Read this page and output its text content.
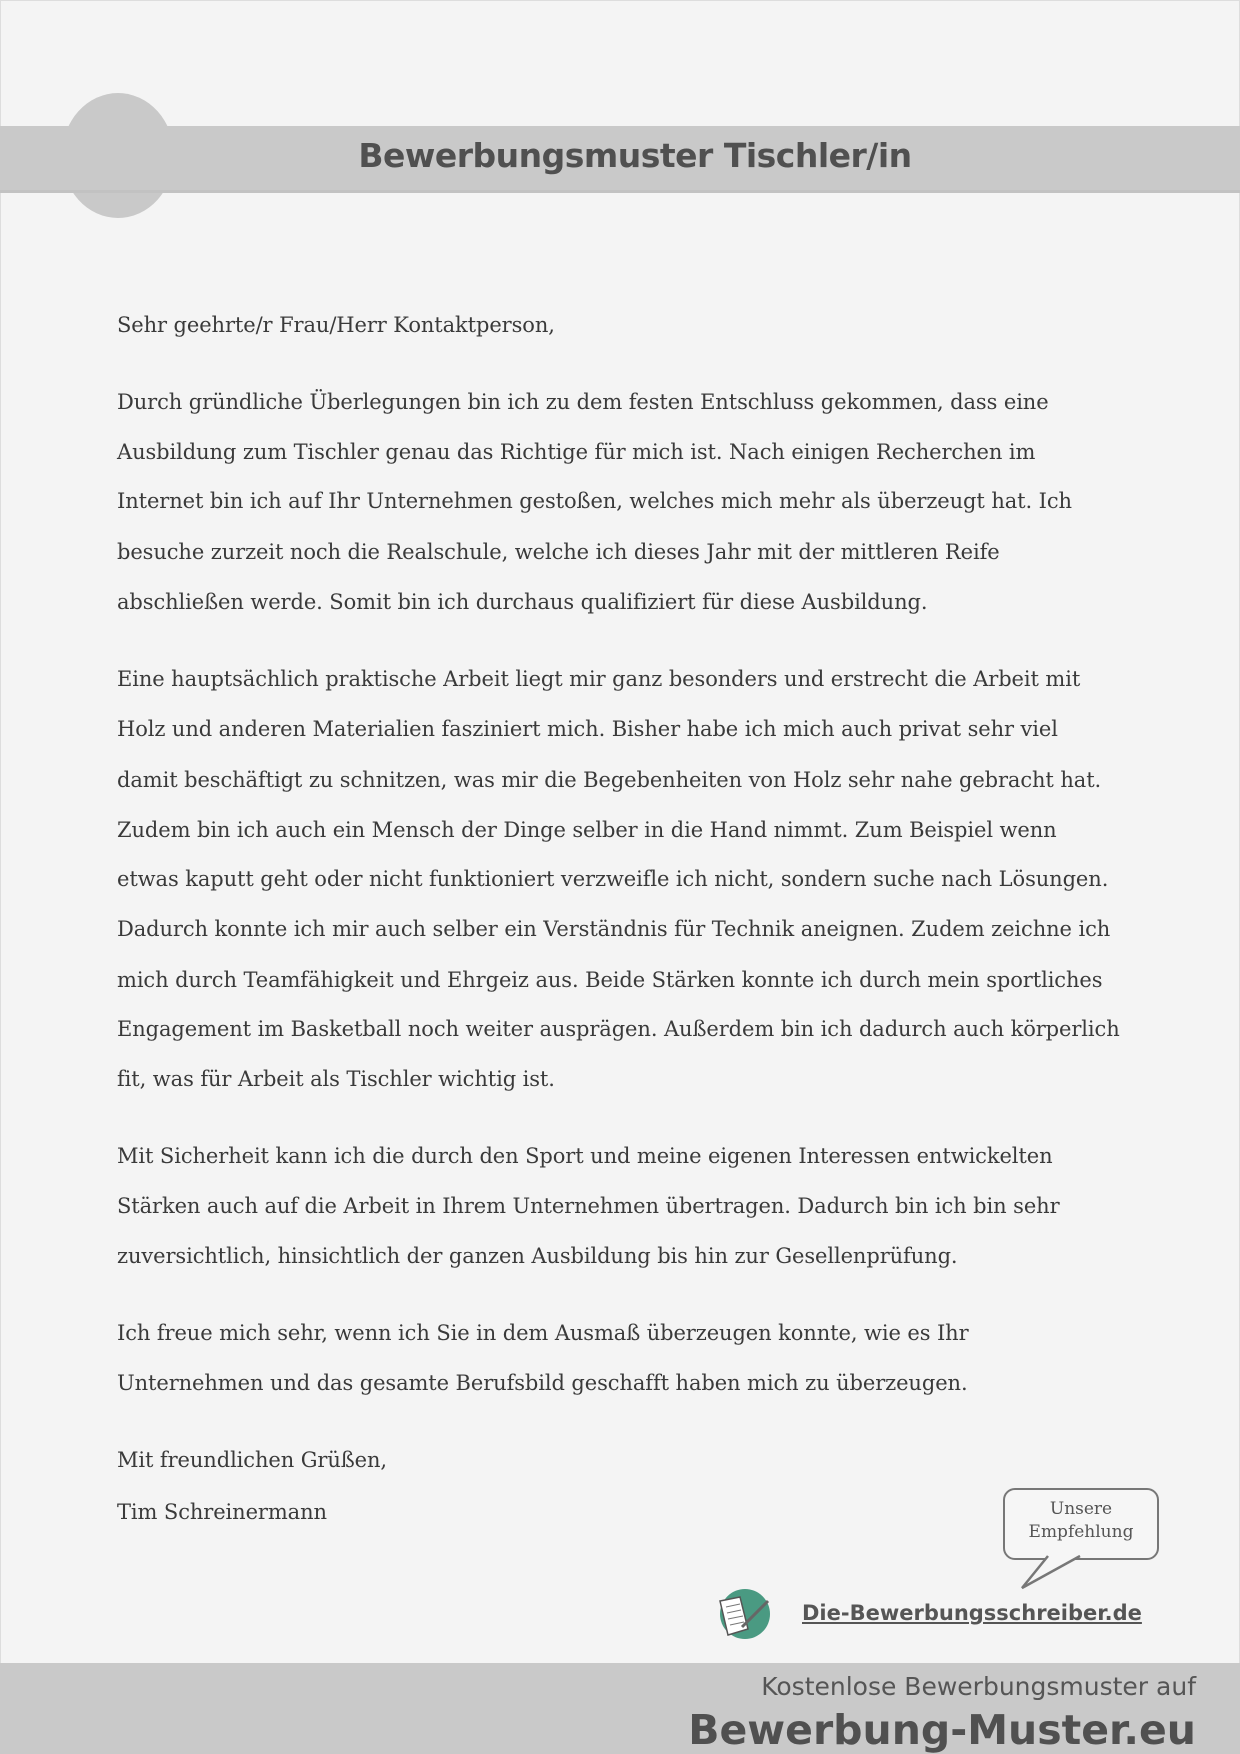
Bewerbungsmuster Tischler/in
Sehr geehrte/r Frau/Herr Kontaktperson,
Durch gründliche Überlegungen bin ich zu dem festen Entschluss gekommen, dass eine
Ausbildung zum Tischler genau das Richtige für mich ist. Nach einigen Recherchen im
Internet bin ich auf Ihr Unternehmen gestoßen, welches mich mehr als überzeugt hat. Ich
besuche zurzeit noch die Realschule, welche ich dieses Jahr mit der mittleren Reife
abschließen werde. Somit bin ich durchaus qualifiziert für diese Ausbildung.
Eine hauptsächlich praktische Arbeit liegt mir ganz besonders und erstrecht die Arbeit mit
Holz und anderen Materialien fasziniert mich. Bisher habe ich mich auch privat sehr viel
damit beschäftigt zu schnitzen, was mir die Begebenheiten von Holz sehr nahe gebracht hat.
Zudem bin ich auch ein Mensch der Dinge selber in die Hand nimmt. Zum Beispiel wenn
etwas kaputt geht oder nicht funktioniert verzweifle ich nicht, sondern suche nach Lösungen.
Dadurch konnte ich mir auch selber ein Verständnis für Technik aneignen. Zudem zeichne ich
mich durch Teamfähigkeit und Ehrgeiz aus. Beide Stärken konnte ich durch mein sportliches
Engagement im Basketball noch weiter ausprägen. Außerdem bin ich dadurch auch körperlich
fit, was für Arbeit als Tischler wichtig ist.
Mit Sicherheit kann ich die durch den Sport und meine eigenen Interessen entwickelten
Stärken auch auf die Arbeit in Ihrem Unternehmen übertragen. Dadurch bin ich bin sehr
zuversichtlich, hinsichtlich der ganzen Ausbildung bis hin zur Gesellenprüfung.
Ich freue mich sehr, wenn ich Sie in dem Ausmaß überzeugen konnte, wie es Ihr
Unternehmen und das gesamte Berufsbild geschafft haben mich zu überzeugen.
Mit freundlichen Grüßen,
Tim Schreinermann	Unsere
Empfehlung
Die-Bewerbungsschreiber.de
Kostenlose Bewerbungsmuster auf
Bewerbung-Muster.eu
